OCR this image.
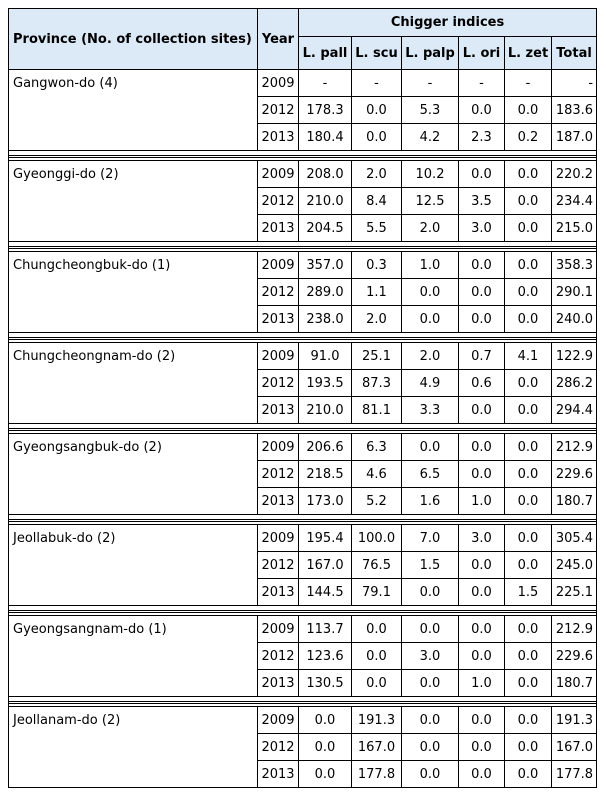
Province (No. of collection sites)	Year	Chigger indices					
		L. pall	L. scu	L. palp	L. ori	L. zet	Total
Gangwon-do (4)	2009	-	-	-	-	-	-
	2012	178.3	0.0	5.3	0.0	0.0	183.6
	2013	180.4	0.0	4.2	2.3	0.2	187.0

Gyeonggi-do (2)	2009	208.0	2.0	10.2	0.0	0.0	220.2
	2012	210.0	8.4	12.5	3.5	0.0	234.4
	2013	204.5	5.5	2.0	3.0	0.0	215.0

Chungcheongbuk-do (1)	2009	357.0	0.3	1.0	0.0	0.0	358.3
	2012	289.0	1.1	0.0	0.0	0.0	290.1
	2013	238.0	2.0	0.0	0.0	0.0	240.0

Chungcheongnam-do (2)	2009	91.0	25.1	2.0	0.7	4.1	122.9
	2012	193.5	87.3	4.9	0.6	0.0	286.2
	2013	210.0	81.1	3.3	0.0	0.0	294.4

Gyeongsangbuk-do (2)	2009	206.6	6.3	0.0	0.0	0.0	212.9
	2012	218.5	4.6	6.5	0.0	0.0	229.6
	2013	173.0	5.2	1.6	1.0	0.0	180.7

Jeollabuk-do (2)	2009	195.4	100.0	7.0	3.0	0.0	305.4
	2012	167.0	76.5	1.5	0.0	0.0	245.0
	2013	144.5	79.1	0.0	0.0	1.5	225.1

Gyeongsangnam-do (1)	2009	113.7	0.0	0.0	0.0	0.0	212.9
	2012	123.6	0.0	3.0	0.0	0.0	229.6
	2013	130.5	0.0	0.0	1.0	0.0	180.7

Jeollanam-do (2)	2009	0.0	191.3	0.0	0.0	0.0	191.3
	2012	0.0	167.0	0.0	0.0	0.0	167.0
	2013	0.0	177.8	0.0	0.0	0.0	177.8
